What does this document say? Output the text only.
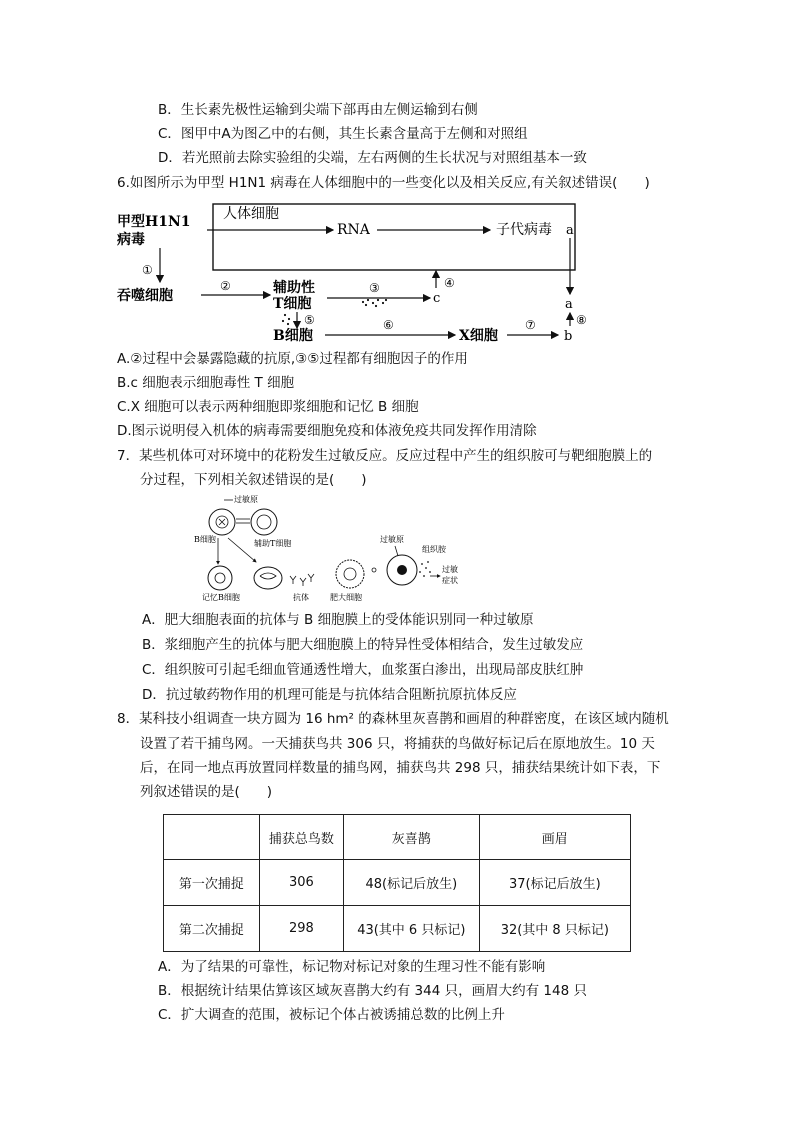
B．生长素先极性运输到尖端下部再由左侧运输到右侧
C．图甲中A为图乙中的右侧，其生长素含量高于左侧和对照组
D．若光照前去除实验组的尖端，左右两侧的生长状况与对照组基本一致
6.如图所示为甲型 H1N1 病毒在人体细胞中的一些变化以及相关反应,有关叙述错误(　　)
人体细胞
甲型H1N1
病毒
RNA	子代病毒 a
a
①
吞噬细胞
②	辅助性
T细胞
③
c
④
⑤
B细胞
⑥
X细胞
⑦
b
⑧
A.②过程中会暴露隐藏的抗原,③⑤过程都有细胞因子的作用
B.c 细胞表示细胞毒性 T 细胞
C.X 细胞可以表示两种细胞即浆细胞和记忆 B 细胞
D.图示说明侵入机体的病毒需要细胞免疫和体液免疫共同发挥作用清除
7．某些机体可对环境中的花粉发生过敏反应。反应过程中产生的组织胺可与靶细胞膜上的
分过程，下列相关叙述错误的是(　　)
过敏原
B细胞	辅助T细胞
记忆B细胞	抗体	肥大细胞
过敏原
组织胺
过敏
症状
A．肥大细胞表面的抗体与 B 细胞膜上的受体能识别同一种过敏原
B．浆细胞产生的抗体与肥大细胞膜上的特异性受体相结合，发生过敏发应
C．组织胺可引起毛细血管通透性增大，血浆蛋白渗出，出现局部皮肤红肿
D．抗过敏药物作用的机理可能是与抗体结合阻断抗原抗体反应
8．某科技小组调查一块方圆为 16 hm² 的森林里灰喜鹊和画眉的种群密度，在该区域内随机
设置了若干捕鸟网。一天捕获鸟共 306 只，将捕获的鸟做好标记后在原地放生。10 天
后，在同一地点再放置同样数量的捕鸟网，捕获鸟共 298 只，捕获结果统计如下表，下
列叙述错误的是(　　)
	捕获总鸟数	灰喜鹊	画眉
第一次捕捉	306	48(标记后放生)	37(标记后放生)
第二次捕捉	298	43(其中 6 只标记)	32(其中 8 只标记)
A．为了结果的可靠性，标记物对标记对象的生理习性不能有影响
B．根据统计结果估算该区域灰喜鹊大约有 344 只，画眉大约有 148 只
C．扩大调查的范围，被标记个体占被诱捕总数的比例上升
